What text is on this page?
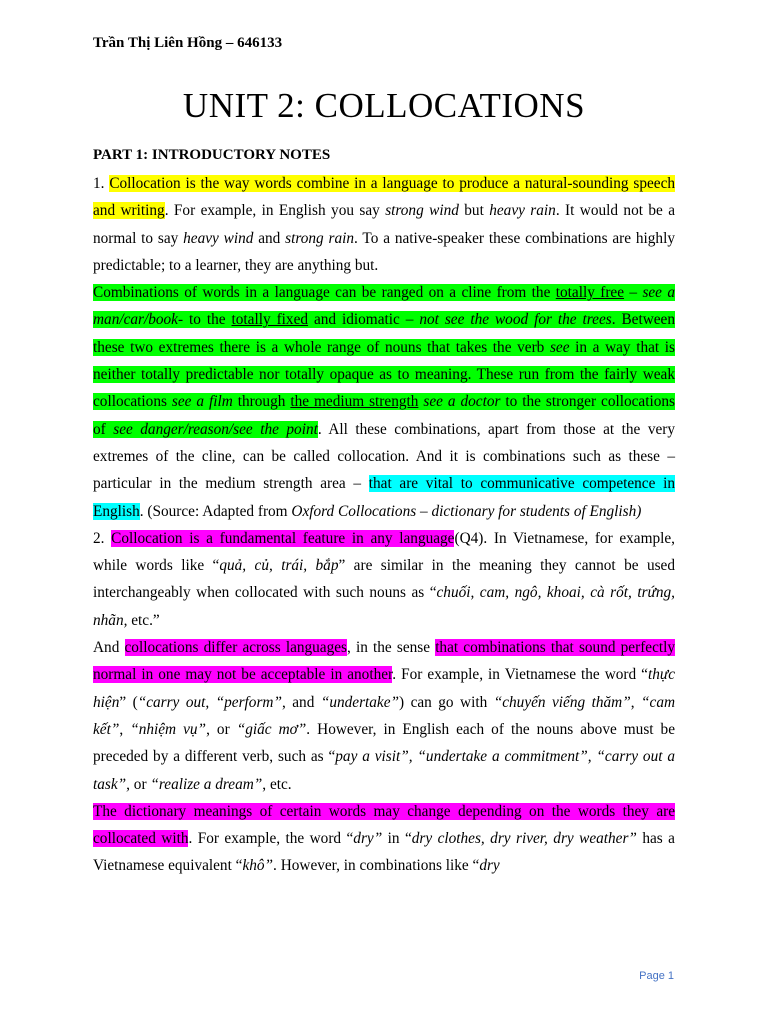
Trần Thị Liên Hồng – 646133
UNIT 2: COLLOCATIONS
PART 1: INTRODUCTORY NOTES

1. Collocation is the way words combine in a language to produce a natural-sounding speech and writing. For example, in English you say strong wind but heavy rain. It would not be a normal to say heavy wind and strong rain. To a native-speaker these combinations are highly predictable; to a learner, they are anything but.

Combinations of words in a language can be ranged on a cline from the totally free – see a man/car/book- to the totally fixed and idiomatic – not see the wood for the trees. Between these two extremes there is a whole range of nouns that takes the verb see in a way that is neither totally predictable nor totally opaque as to meaning. These run from the fairly weak collocations see a film through the medium strength see a doctor to the stronger collocations of see danger/reason/see the point. All these combinations, apart from those at the very extremes of the cline, can be called collocation. And it is combinations such as these – particular in the medium strength area – that are vital to communicative competence in English. (Source: Adapted from Oxford Collocations – dictionary for students of English)

2. Collocation is a fundamental feature in any language(Q4). In Vietnamese, for example, while words like “quả, củ, trái, bắp” are similar in the meaning they cannot be used interchangeably when collocated with such nouns as “chuối, cam, ngô, khoai, cà rốt, trứng, nhãn, etc.”

And collocations differ across languages, in the sense that combinations that sound perfectly normal in one may not be acceptable in another. For example, in Vietnamese the word “thực hiện” (“carry out, “perform”, and “undertake”) can go with “chuyến viếng thăm”, “cam kết”, “nhiệm vụ”, or “giấc mơ”. However, in English each of the nouns above must be preceded by a different verb, such as “pay a visit”, “undertake a commitment”, “carry out a task”, or “realize a dream”, etc.

The dictionary meanings of certain words may change depending on the words they are collocated with. For example, the word “dry” in “dry clothes, dry river, dry weather” has a Vietnamese equivalent “khô”. However, in combinations like “dry

Page 1
